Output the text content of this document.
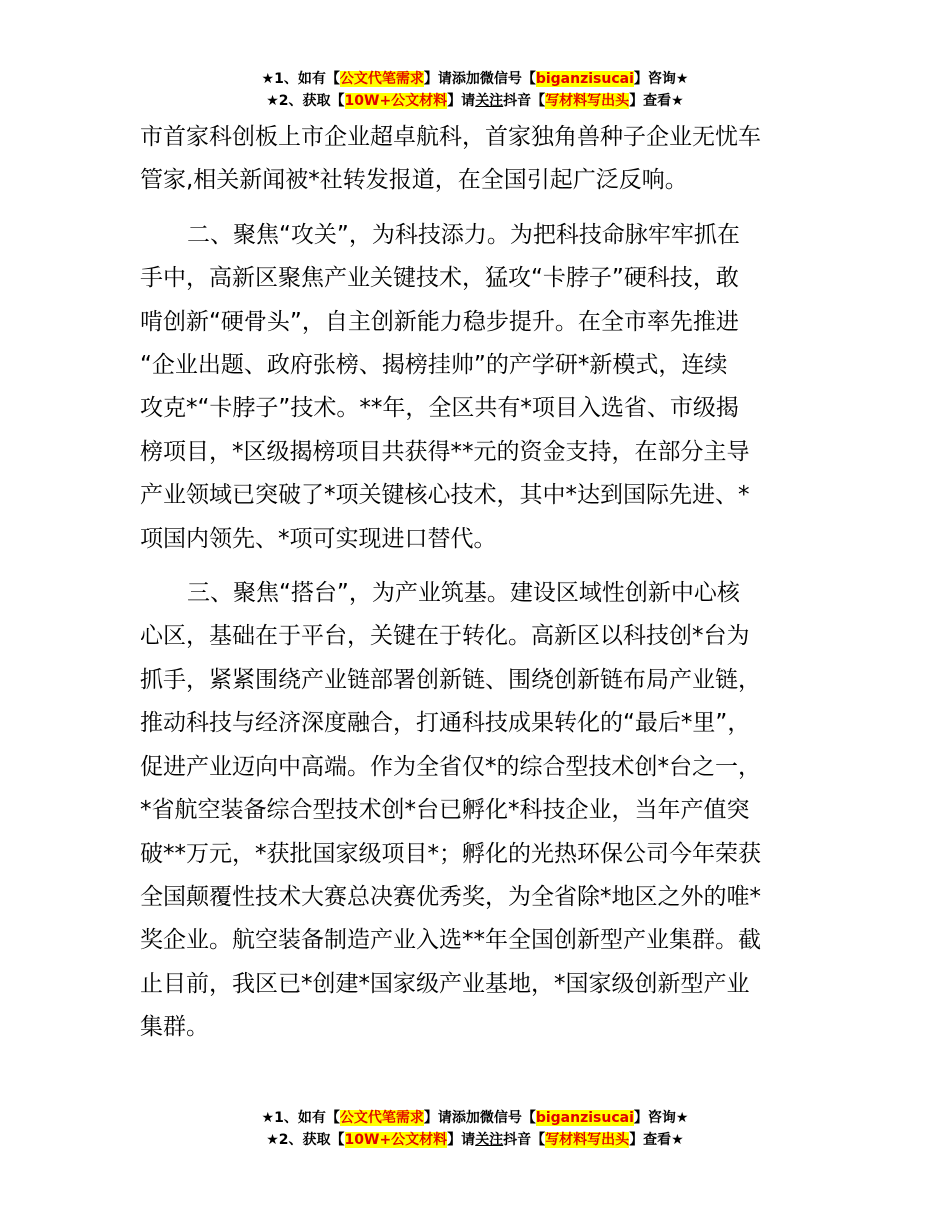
★1、如有【公文代笔需求】请添加微信号【biganzisucai】咨询★
★2、获取【10W+公文材料】请关注抖音【写材料写出头】查看★
市首家科创板上市企业超卓航科，首家独角兽种子企业无忧车
管家,相关新闻被*社转发报道，在全国引起广泛反响。
二、聚焦“攻关”，为科技添力。为把科技命脉牢牢抓在
手中，高新区聚焦产业关键技术，猛攻“卡脖子”硬科技，敢
啃创新“硬骨头”，自主创新能力稳步提升。在全市率先推进
“企业出题、政府张榜、揭榜挂帅”的产学研*新模式，连续
攻克*“卡脖子”技术。**年，全区共有*项目入选省、市级揭
榜项目，*区级揭榜项目共获得**元的资金支持，在部分主导
产业领域已突破了*项关键核心技术，其中*达到国际先进、*
项国内领先、*项可实现进口替代。
三、聚焦“搭台”，为产业筑基。建设区域性创新中心核
心区，基础在于平台，关键在于转化。高新区以科技创*台为
抓手，紧紧围绕产业链部署创新链、围绕创新链布局产业链，
推动科技与经济深度融合，打通科技成果转化的“最后*里”，
促进产业迈向中高端。作为全省仅*的综合型技术创*台之一，
*省航空装备综合型技术创*台已孵化*科技企业，当年产值突
破**万元，*获批国家级项目*；孵化的光热环保公司今年荣获
全国颠覆性技术大赛总决赛优秀奖，为全省除*地区之外的唯*
奖企业。航空装备制造产业入选**年全国创新型产业集群。截
止目前，我区已*创建*国家级产业基地，*国家级创新型产业
集群。
★1、如有【公文代笔需求】请添加微信号【biganzisucai】咨询★
★2、获取【10W+公文材料】请关注抖音【写材料写出头】查看★
